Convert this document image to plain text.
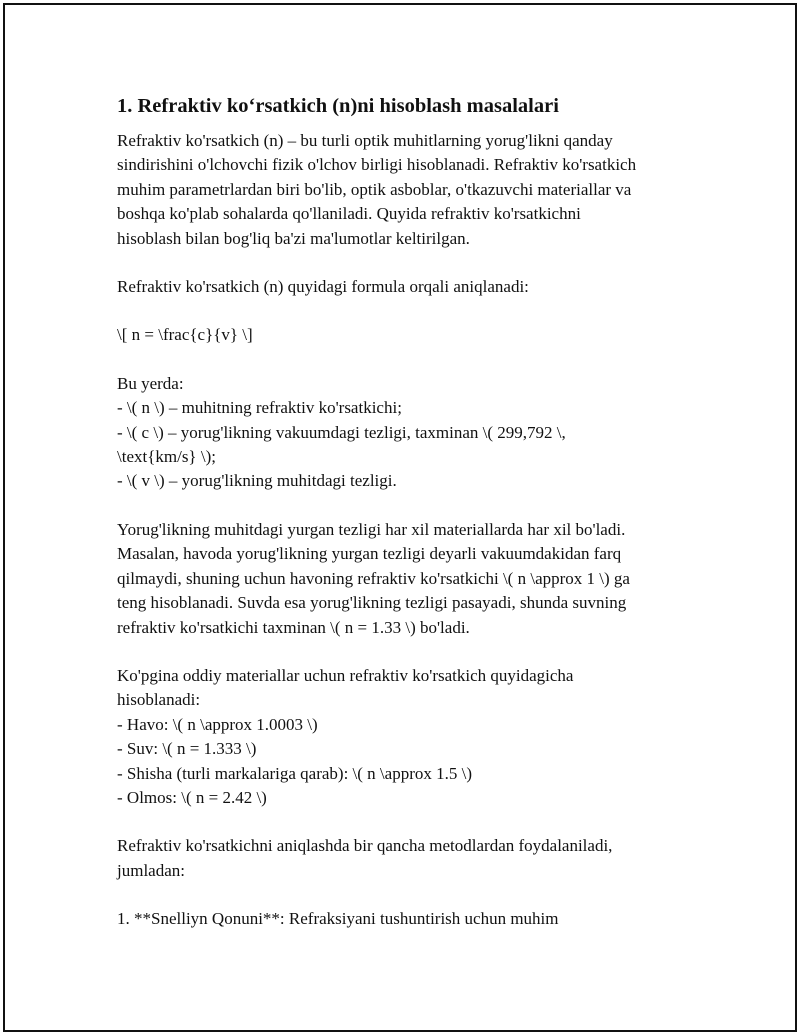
1. Refraktiv ko‘rsatkich (n)ni hisoblash masalalari
Refraktiv ko'rsatkich (n) – bu turli optik muhitlarning yorug'likni qanday
sindirishini o'lchovchi fizik o'lchov birligi hisoblanadi. Refraktiv ko'rsatkich
muhim parametrlardan biri bo'lib, optik asboblar, o'tkazuvchi materiallar va
boshqa ko'plab sohalarda qo'llaniladi. Quyida refraktiv ko'rsatkichni
hisoblash bilan bog'liq ba'zi ma'lumotlar keltirilgan.
Refraktiv ko'rsatkich (n) quyidagi formula orqali aniqlanadi:
\[ n = \frac{c}{v} \]
Bu yerda:
- \( n \) – muhitning refraktiv ko'rsatkichi;
- \( c \) – yorug'likning vakuumdagi tezligi, taxminan \( 299,792 \,
\text{km/s} \);
- \( v \) – yorug'likning muhitdagi tezligi.
Yorug'likning muhitdagi yurgan tezligi har xil materiallarda har xil bo'ladi.
Masalan, havoda yorug'likning yurgan tezligi deyarli vakuumdakidan farq
qilmaydi, shuning uchun havoning refraktiv ko'rsatkichi \( n \approx 1 \) ga
teng hisoblanadi. Suvda esa yorug'likning tezligi pasayadi, shunda suvning
refraktiv ko'rsatkichi taxminan \( n = 1.33 \) bo'ladi.
Ko'pgina oddiy materiallar uchun refraktiv ko'rsatkich quyidagicha
hisoblanadi:
- Havo: \( n \approx 1.0003 \)
- Suv: \( n = 1.333 \)
- Shisha (turli markalariga qarab): \( n \approx 1.5 \)
- Olmos: \( n = 2.42 \)
Refraktiv ko'rsatkichni aniqlashda bir qancha metodlardan foydalaniladi,
jumladan:
1. **Snelliyn Qonuni**: Refraksiyani tushuntirish uchun muhim
